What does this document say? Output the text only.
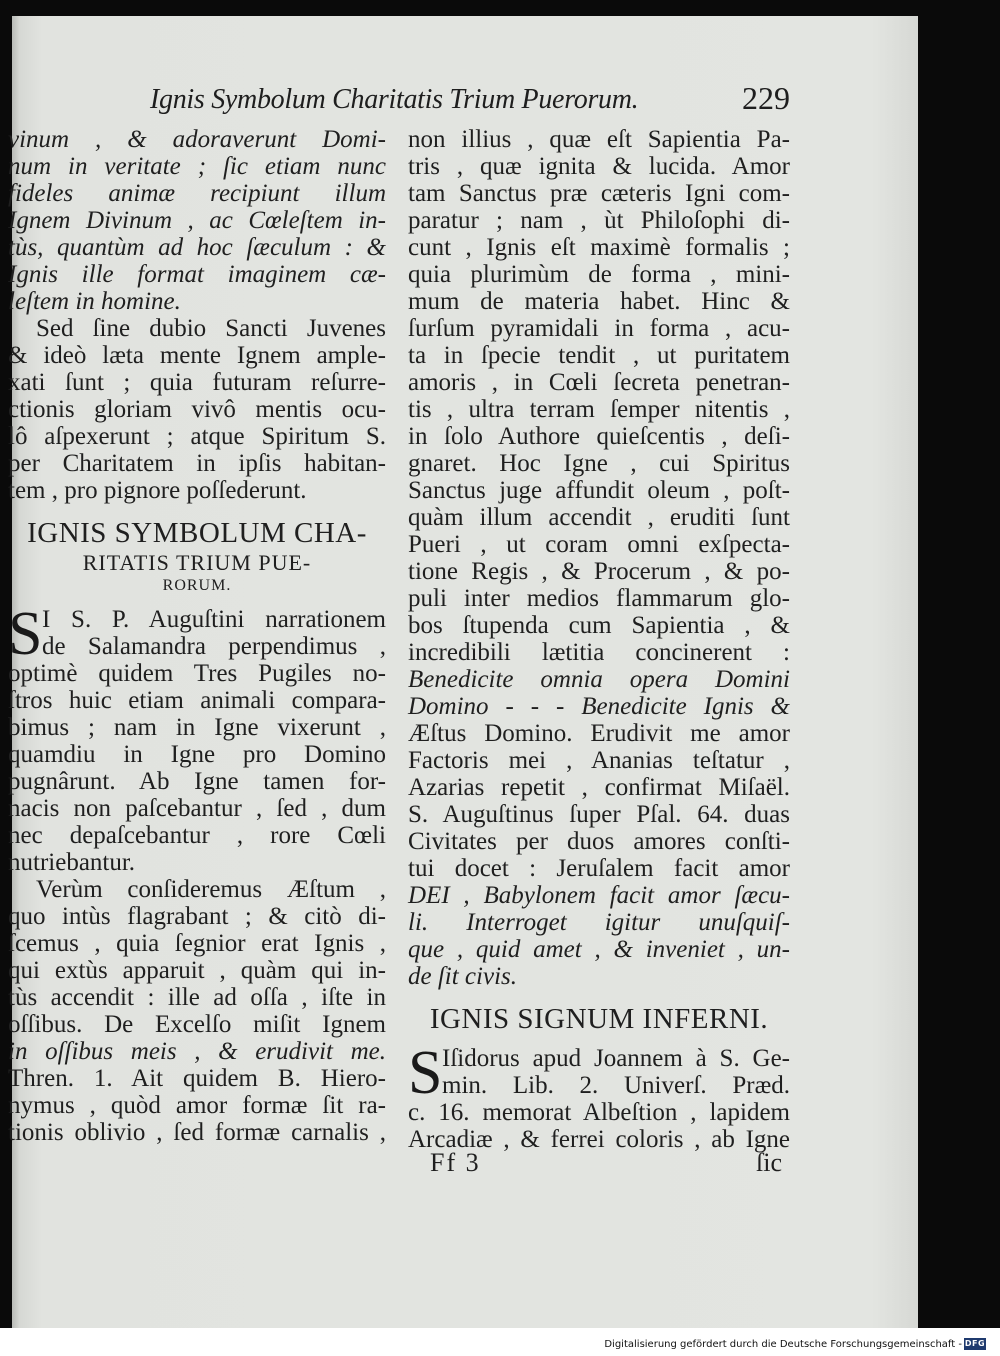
Ignis Symbolum Charitatis Trium Puerorum.	229
vinum , & adoraverunt Domi-
num in veritate ; ſic etiam nunc
fideles animæ recipiunt illum
Ignem Divinum , ac Cœleſtem in-
tùs, quantùm ad hoc ſæculum : &
Ignis ille format imaginem cæ-
leſtem in homine.
Sed ſine dubio Sancti Juvenes
& ideò læta mente Ignem ample-
xati ſunt ; quia futuram reſurre-
ctionis gloriam vivô mentis ocu-
lô aſpexerunt ; atque Spiritum S.
per Charitatem in ipſis habitan-
tem , pro pignore poſſederunt.
IGNIS SYMBOLUM CHA-
RITATIS TRIUM PUE-
RORUM.
S I S. P. Auguſtini narrationem
de Salamandra perpendimus ,
optimè quidem Tres Pugiles no-
ſtros huic etiam animali compara-
bimus ; nam in Igne vixerunt ,
quamdiu in Igne pro Domino
pugnârunt. Ab Igne tamen for-
nacis non paſcebantur , ſed , dum
nec depaſcebantur , rore Cœli
nutriebantur.
Verùm conſideremus Æſtum ,
quo intùs flagrabant ; & citò di-
ſcemus , quia ſegnior erat Ignis ,
qui extùs apparuit , quàm qui in-
tùs accendit : ille ad oſſa , iſte in
oſſibus. De Excelſo miſit Ignem
in oſſibus meis , & erudivit me.
Thren. 1. Ait quidem B. Hiero-
nymus , quòd amor formæ ſit ra-
tionis oblivio , ſed formæ carnalis ,
non illius , quæ eſt Sapientia Pa-
tris , quæ ignita & lucida. Amor
tam Sanctus præ cæteris Igni com-
paratur ; nam , ùt Philoſophi di-
cunt , Ignis eſt maximè formalis ;
quia plurimùm de forma , mini-
mum de materia habet. Hinc &
ſurſum pyramidali in forma , acu-
ta in ſpecie tendit , ut puritatem
amoris , in Cœli ſecreta penetran-
tis , ultra terram ſemper nitentis ,
in ſolo Authore quieſcentis , deſi-
gnaret. Hoc Igne , cui Spiritus
Sanctus juge affundit oleum , poſt-
quàm illum accendit , eruditi ſunt
Pueri , ut coram omni exſpecta-
tione Regis , & Procerum , & po-
puli inter medios flammarum glo-
bos ſtupenda cum Sapientia , &
incredibili lætitia concinerent :
Benedicite omnia opera Domini
Domino - - - Benedicite Ignis &
Æſtus Domino. Erudivit me amor
Factoris mei , Ananias teſtatur ,
Azarias repetit , confirmat Miſaël.
S. Auguſtinus ſuper Pſal. 64. duas
Civitates per duos amores conſti-
tui docet : Jeruſalem facit amor
DEI , Babylonem facit amor ſæcu-
li. Interroget igitur unuſquiſ-
que , quid amet , & inveniet , un-
de ſit civis.
IGNIS SIGNUM INFERNI.
S Iſidorus apud Joannem à S. Ge-
min. Lib. 2. Univerſ. Præd.
c. 16. memorat Albeſtion , lapidem
Arcadiæ , & ferrei coloris , ab Igne
Ff 3	ſic
Digitalisierung gefördert durch die Deutsche Forschungsgemeinschaft - DFG
